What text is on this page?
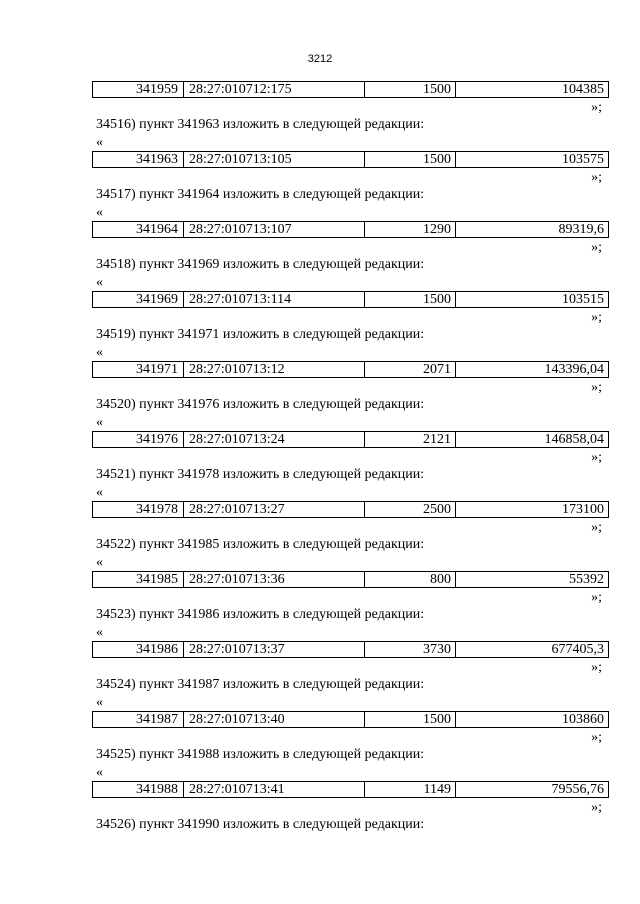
3212
341959 28:27:010712:175	1500	104385
»;
34516) пункт 341963 изложить в следующей редакции:
«
341963 28:27:010713:105	1500	103575
»;
34517) пункт 341964 изложить в следующей редакции:
«
341964 28:27:010713:107	1290	89319,6
»;
34518) пункт 341969 изложить в следующей редакции:
«
341969 28:27:010713:114	1500	103515
»;
34519) пункт 341971 изложить в следующей редакции:
«
341971 28:27:010713:12	2071	143396,04
»;
34520) пункт 341976 изложить в следующей редакции:
«
341976 28:27:010713:24	2121	146858,04
»;
34521) пункт 341978 изложить в следующей редакции:
«
341978 28:27:010713:27	2500	173100
»;
34522) пункт 341985 изложить в следующей редакции:
«
341985 28:27:010713:36	800	55392
»;
34523) пункт 341986 изложить в следующей редакции:
«
341986 28:27:010713:37	3730	677405,3
»;
34524) пункт 341987 изложить в следующей редакции:
«
341987 28:27:010713:40	1500	103860
»;
34525) пункт 341988 изложить в следующей редакции:
«
341988 28:27:010713:41	1149	79556,76
»;
34526) пункт 341990 изложить в следующей редакции:
